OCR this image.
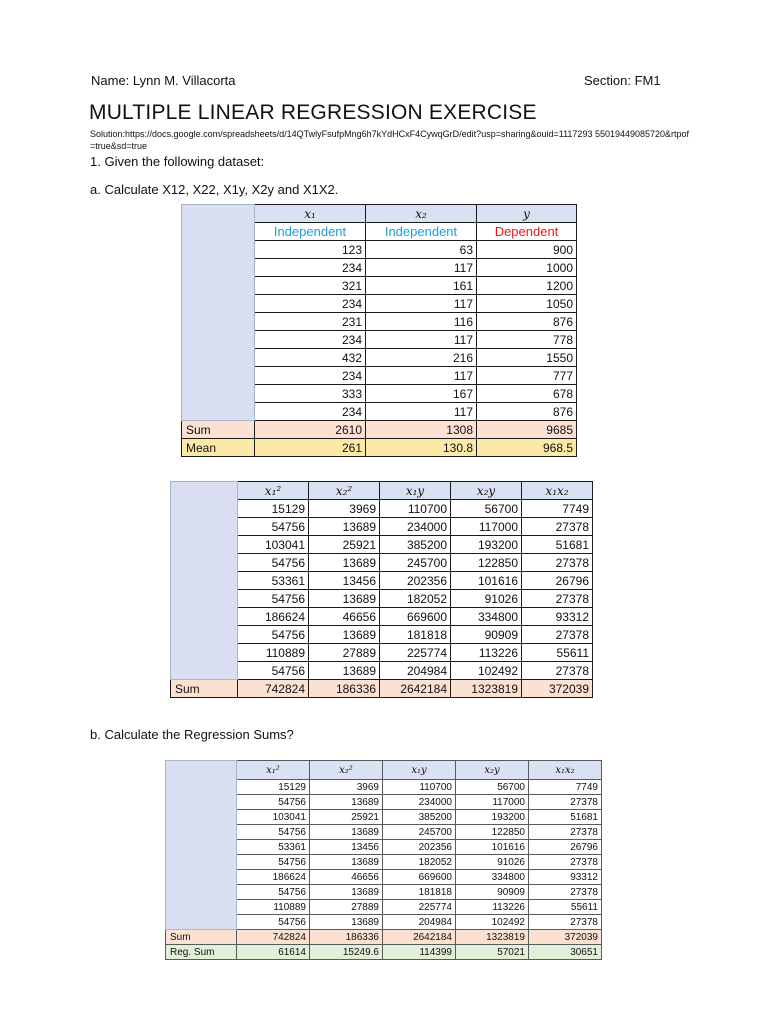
Name: Lynn M. Villacorta	Section: FM1
MULTIPLE LINEAR REGRESSION EXERCISE
Solution:https://docs.google.com/spreadsheets/d/14QTwlyFsufpMng6h7kYdHCxF4CywqGrD/edit?usp=sharing&ouid=1117293 55019449085720&rtpof=true&sd=true
1. Given the following dataset:
a. Calculate X12, X22, X1y, X2y and X1X2.
	x₁	x₂	y
	Independent	Independent	Dependent
	123	63	900
	234	117	1000
	321	161	1200
	234	117	1050
	231	116	876
	234	117	778
	432	216	1550
	234	117	777
	333	167	678
	234	117	876
Sum	2610	1308	9685
Mean	261	130.8	968.5
	x₁²	x₂²	x₁y	x₂y	x₁x₂
	15129	3969	110700	56700	7749
	54756	13689	234000	117000	27378
	103041	25921	385200	193200	51681
	54756	13689	245700	122850	27378
	53361	13456	202356	101616	26796
	54756	13689	182052	91026	27378
	186624	46656	669600	334800	93312
	54756	13689	181818	90909	27378
	110889	27889	225774	113226	55611
	54756	13689	204984	102492	27378
Sum	742824	186336	2642184	1323819	372039
b. Calculate the Regression Sums?
	x₁²	x₂²	x₁y	x₂y	x₁x₂
	15129	3969	110700	56700	7749
	54756	13689	234000	117000	27378
	103041	25921	385200	193200	51681
	54756	13689	245700	122850	27378
	53361	13456	202356	101616	26796
	54756	13689	182052	91026	27378
	186624	46656	669600	334800	93312
	54756	13689	181818	90909	27378
	110889	27889	225774	113226	55611
	54756	13689	204984	102492	27378
Sum	742824	186336	2642184	1323819	372039
Reg. Sum	61614	15249.6	114399	57021	30651
